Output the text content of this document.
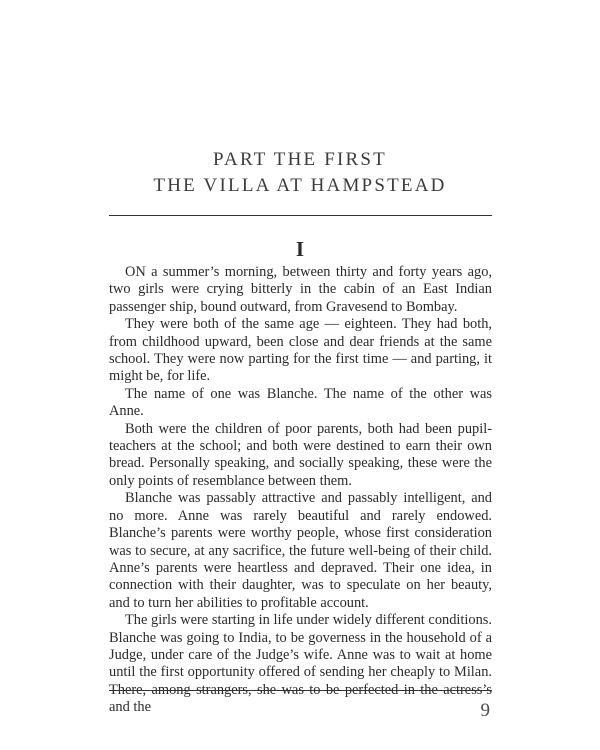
PART THE FIRST
THE VILLA AT HAMPSTEAD
I

ON a summer’s morning, between thirty and forty years ago, two girls were crying bitterly in the cabin of an East Indian passenger ship, bound outward, from Gravesend to Bombay.

They were both of the same age — eighteen. They had both, from childhood upward, been close and dear friends at the same school. They were now parting for the first time — and parting, it might be, for life.

The name of one was Blanche. The name of the other was Anne.

Both were the children of poor parents, both had been pupil-teachers at the school; and both were destined to earn their own bread. Personally speaking, and socially speaking, these were the only points of resemblance between them.

Blanche was passably attractive and passably intelligent, and no more. Anne was rarely beautiful and rarely endowed. Blanche’s parents were worthy people, whose first consideration was to secure, at any sacrifice, the future well-being of their child. Anne’s parents were heartless and depraved. Their one idea, in connection with their daughter, was to speculate on her beauty, and to turn her abilities to profitable account.

The girls were starting in life under widely different conditions. Blanche was going to India, to be governess in the household of a Judge, under care of the Judge’s wife. Anne was to wait at home until the first opportunity offered of sending her cheaply to Milan. There, among strangers, she was to be perfected in the actress’s and the	9
